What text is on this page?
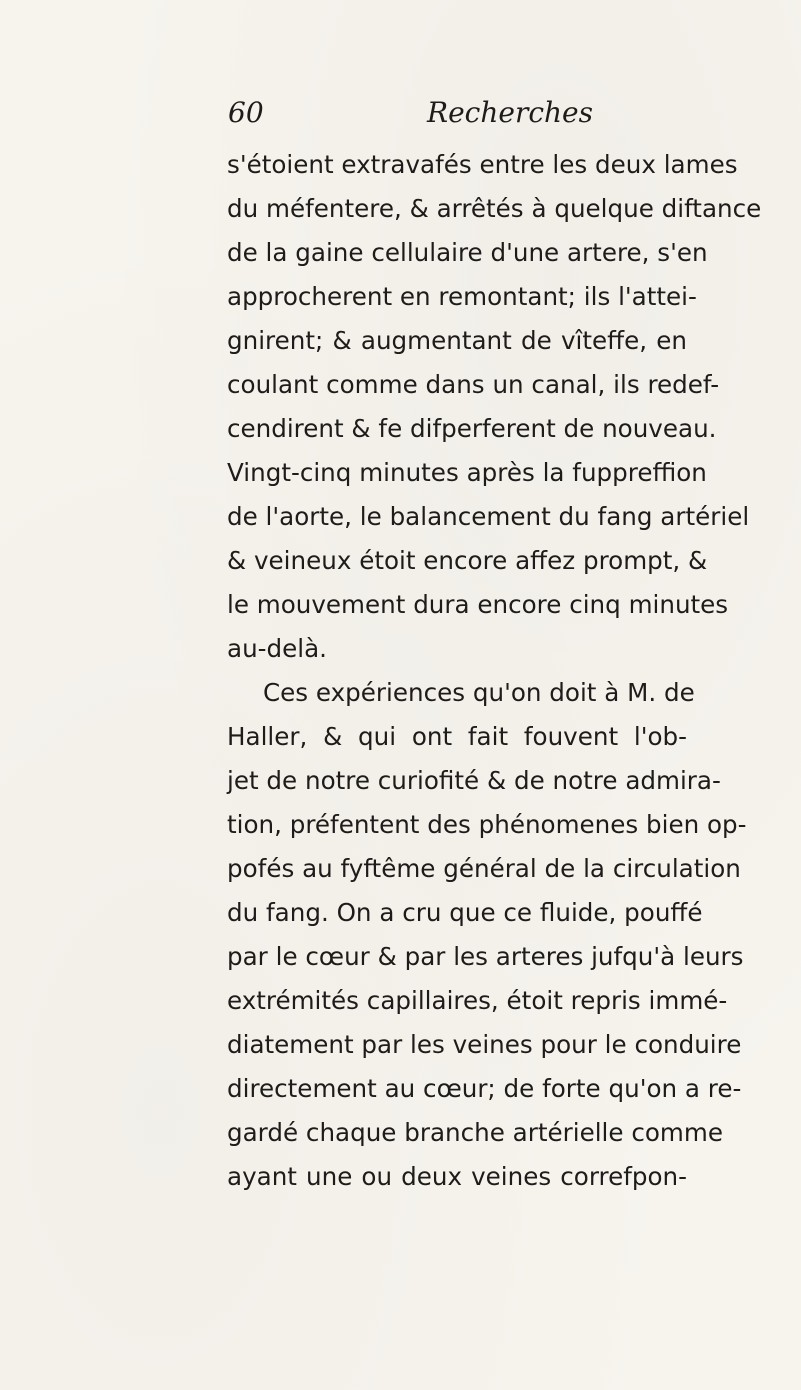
60	Recherches
s'étoient extravafés entre les deux lames
du méfentere, & arrêtés à quelque diftance
de la gaine cellulaire d'une artere, s'en
approcherent en remontant; ils l'attei-
gnirent; & augmentant de vîteffe, en
coulant comme dans un canal, ils redef-
cendirent & fe difperferent de nouveau.
Vingt-cinq minutes après la fuppreffion
de l'aorte, le balancement du fang artériel
& veineux étoit encore affez prompt, &
le mouvement dura encore cinq minutes
au-delà.
Ces expériences qu'on doit à M. de
Haller, & qui ont fait fouvent l'ob-
jet de notre curiofité & de notre admira-
tion, préfentent des phénomenes bien op-
pofés au fyftême général de la circulation
du fang. On a cru que ce fluide, pouffé
par le cœur & par les arteres jufqu'à leurs
extrémités capillaires, étoit repris immé-
diatement par les veines pour le conduire
directement au cœur; de forte qu'on a re-
gardé chaque branche artérielle comme
ayant une ou deux veines correfpon-
